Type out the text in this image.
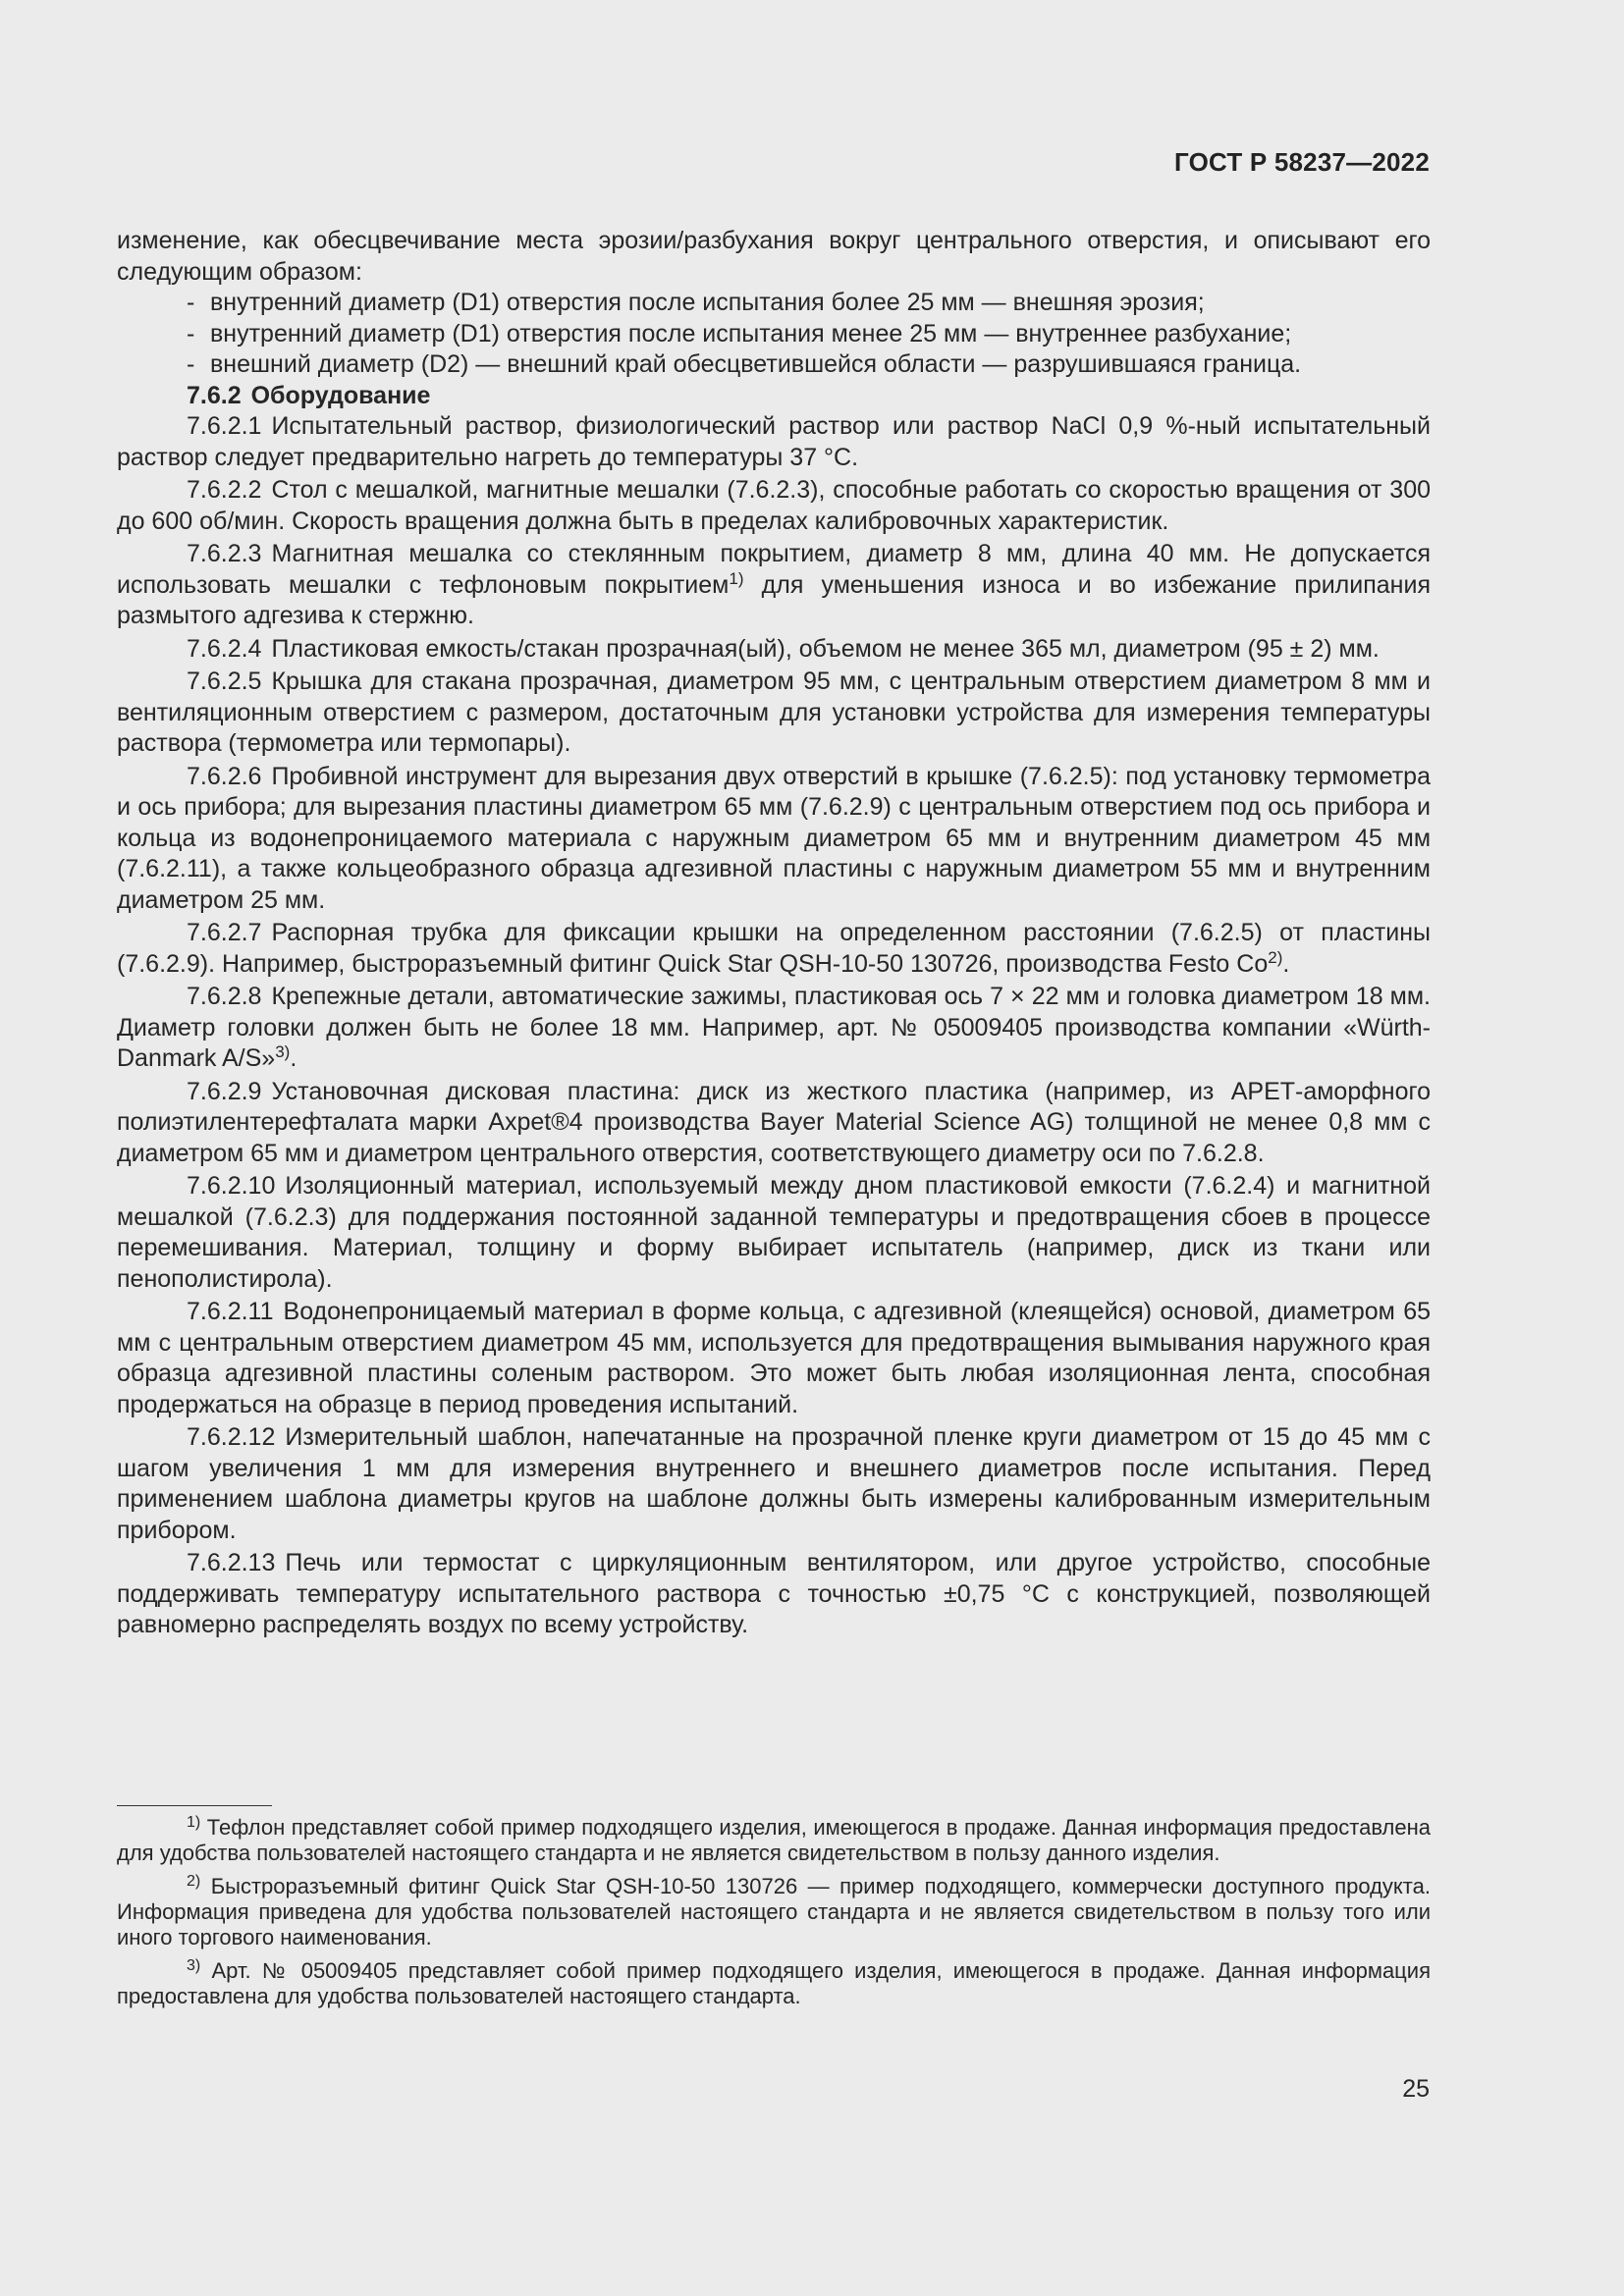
ГОСТ Р 58237—2022

изменение, как обесцвечивание места эрозии/разбухания вокруг центрального отверстия, и описывают его следующим образом:

- внутренний диаметр (D1) отверстия после испытания более 25 мм — внешняя эрозия;
- внутренний диаметр (D1) отверстия после испытания менее 25 мм — внутреннее разбухание;
- внешний диаметр (D2) — внешний край обесцветившейся области — разрушившаяся граница.

7.6.2 Оборудование

7.6.2.1 Испытательный раствор, физиологический раствор или раствор NaCl 0,9 %-ный испытательный раствор следует предварительно нагреть до температуры 37 °С.

7.6.2.2 Стол с мешалкой, магнитные мешалки (7.6.2.3), способные работать со скоростью вращения от 300 до 600 об/мин. Скорость вращения должна быть в пределах калибровочных характеристик.

7.6.2.3 Магнитная мешалка со стеклянным покрытием, диаметр 8 мм, длина 40 мм. Не допускается использовать мешалки с тефлоновым покрытием$^{1)}$ для уменьшения износа и во избежание прилипания размытого адгезива к стержню.

7.6.2.4 Пластиковая емкость/стакан прозрачная(ый), объемом не менее 365 мл, диаметром (95 ± 2) мм.

7.6.2.5 Крышка для стакана прозрачная, диаметром 95 мм, с центральным отверстием диаметром 8 мм и вентиляционным отверстием с размером, достаточным для установки устройства для измерения температуры раствора (термометра или термопары).

7.6.2.6 Пробивной инструмент для вырезания двух отверстий в крышке (7.6.2.5): под установку термометра и ось прибора; для вырезания пластины диаметром 65 мм (7.6.2.9) с центральным отверстием под ось прибора и кольца из водонепроницаемого материала с наружным диаметром 65 мм и внутренним диаметром 45 мм (7.6.2.11), а также кольцеобразного образца адгезивной пластины с наружным диаметром 55 мм и внутренним диаметром 25 мм.

7.6.2.7 Распорная трубка для фиксации крышки на определенном расстоянии (7.6.2.5) от пластины (7.6.2.9). Например, быстроразъемный фитинг Quick Star QSH-10-50 130726, производства Festo Co$^{2)}$.

7.6.2.8 Крепежные детали, автоматические зажимы, пластиковая ось 7 × 22 мм и головка диаметром 18 мм. Диаметр головки должен быть не более 18 мм. Например, арт. № 05009405 производства компании «Würth-Danmark A/S»$^{3)}$.

7.6.2.9 Установочная дисковая пластина: диск из жесткого пластика (например, из АРЕТ-аморфного полиэтилентерефталата марки Axpet®4 производства Bayer Material Science AG) толщиной не менее 0,8 мм с диаметром 65 мм и диаметром центрального отверстия, соответствующего диаметру оси по 7.6.2.8.

7.6.2.10 Изоляционный материал, используемый между дном пластиковой емкости (7.6.2.4) и магнитной мешалкой (7.6.2.3) для поддержания постоянной заданной температуры и предотвращения сбоев в процессе перемешивания. Материал, толщину и форму выбирает испытатель (например, диск из ткани или пенополистирола).

7.6.2.11 Водонепроницаемый материал в форме кольца, с адгезивной (клеящейся) основой, диаметром 65 мм с центральным отверстием диаметром 45 мм, используется для предотвращения вымывания наружного края образца адгезивной пластины соленым раствором. Это может быть любая изоляционная лента, способная продержаться на образце в период проведения испытаний.

7.6.2.12 Измерительный шаблон, напечатанные на прозрачной пленке круги диаметром от 15 до 45 мм с шагом увеличения 1 мм для измерения внутреннего и внешнего диаметров после испытания. Перед применением шаблона диаметры кругов на шаблоне должны быть измерены калиброванным измерительным прибором.

7.6.2.13 Печь или термостат с циркуляционным вентилятором, или другое устройство, способные поддерживать температуру испытательного раствора с точностью ±0,75 °С с конструкцией, позволяющей равномерно распределять воздух по всему устройству.

$^{1)}$ Тефлон представляет собой пример подходящего изделия, имеющегося в продаже. Данная информация предоставлена для удобства пользователей настоящего стандарта и не является свидетельством в пользу данного изделия.

$^{2)}$ Быстроразъемный фитинг Quick Star QSH-10-50 130726 — пример подходящего, коммерчески доступного продукта. Информация приведена для удобства пользователей настоящего стандарта и не является свидетельством в пользу того или иного торгового наименования.

$^{3)}$ Арт. № 05009405 представляет собой пример подходящего изделия, имеющегося в продаже. Данная информация предоставлена для удобства пользователей настоящего стандарта.

25
